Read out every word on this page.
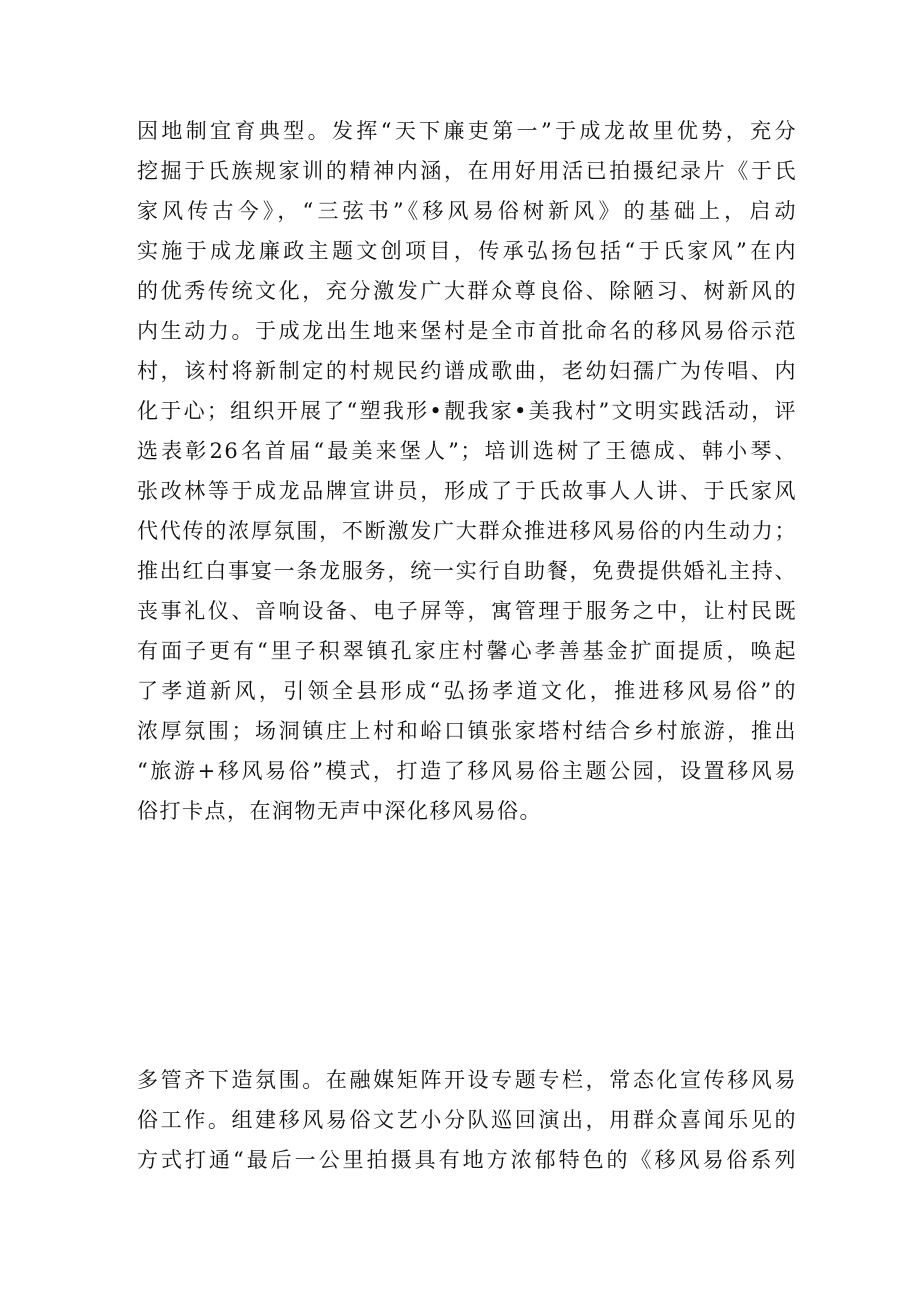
因地制宜育典型。发挥“天下廉吏第一”于成龙故里优势，充分
挖掘于氏族规家训的精神内涵，在用好用活已拍摄纪录片《于氏
家风传古今》，“三弦书”《移风易俗树新风》的基础上，启动
实施于成龙廉政主题文创项目，传承弘扬包括“于氏家风”在内
的优秀传统文化，充分激发广大群众尊良俗、除陋习、树新风的
内生动力。于成龙出生地来堡村是全市首批命名的移风易俗示范
村，该村将新制定的村规民约谱成歌曲，老幼妇孺广为传唱、内
化于心；组织开展了“塑我形•靓我家•美我村”文明实践活动，评
选表彰26名首届“最美来堡人”；培训选树了王德成、韩小琴、
张改林等于成龙品牌宣讲员，形成了于氏故事人人讲、于氏家风
代代传的浓厚氛围，不断激发广大群众推进移风易俗的内生动力；
推出红白事宴一条龙服务，统一实行自助餐，免费提供婚礼主持、
丧事礼仪、音响设备、电子屏等，寓管理于服务之中，让村民既
有面子更有“里子积翠镇孔家庄村馨心孝善基金扩面提质，唤起
了孝道新风，引领全县形成“弘扬孝道文化，推进移风易俗”的
浓厚氛围；场洞镇庄上村和峪口镇张家塔村结合乡村旅游，推出
“旅游+移风易俗”模式，打造了移风易俗主题公园，设置移风易
俗打卡点，在润物无声中深化移风易俗。
多管齐下造氛围。在融媒矩阵开设专题专栏，常态化宣传移风易
俗工作。组建移风易俗文艺小分队巡回演出，用群众喜闻乐见的
方式打通“最后一公里拍摄具有地方浓郁特色的《移风易俗系列
